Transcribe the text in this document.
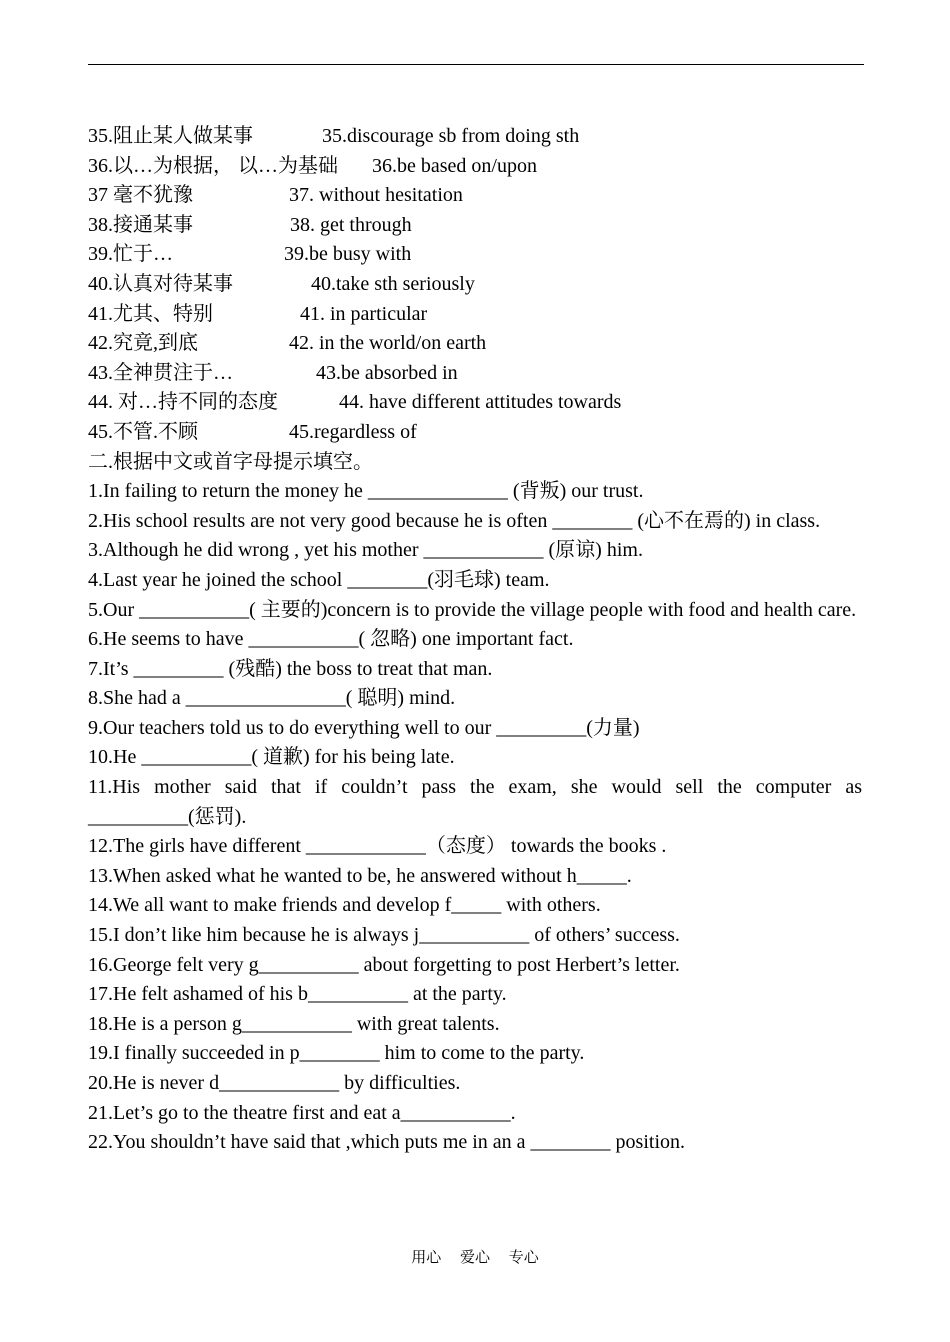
35.阻止某人做某事	35.discourage sb from doing sth
36.以…为根据， 以…为基础 36.be based on/upon
37 毫不犹豫	37. without hesitation
38.接通某事	38. get through
39.忙于…	39.be busy with
40.认真对待某事	40.take sth seriously
41.尤其、特别	41. in particular
42.究竟,到底	42. in the world/on earth
43.全神贯注于…	43.be absorbed in
44. 对…持不同的态度	44. have different attitudes towards
45.不管.不顾	45.regardless of
二.根据中文或首字母提示填空。
1.In failing to return the money he ______________ (背叛) our trust.
2.His school results are not very good because he is often ________ (心不在焉的) in class.
3.Although he did wrong , yet his mother ____________ (原谅) him.
4.Last year he joined the school ________(羽毛球) team.
5.Our ___________( 主要的)concern is to provide the village people with food and health care.
6.He seems to have ___________( 忽略) one important fact.
7.It’s _________ (残酷) the boss to treat that man.
8.She had a ________________( 聪明) mind.
9.Our teachers told us to do everything well to our _________(力量)
10.He ___________( 道歉) for his being late.
11.His mother said that if couldn’t pass the exam, she would sell the computer as __________(惩罚).
12.The girls have different ____________（态度） towards the books .
13.When asked what he wanted to be, he answered without h_____.
14.We all want to make friends and develop f_____ with others.
15.I don’t like him because he is always j___________ of others’ success.
16.George felt very g__________ about forgetting to post Herbert’s letter.
17.He felt ashamed of his b__________ at the party.
18.He is a person g___________ with great talents.
19.I finally succeeded in p________ him to come to the party.
20.He is never d____________ by difficulties.
21.Let’s go to the theatre first and eat a___________.
22.You shouldn’t have said that ,which puts me in an a ________ position.
用心 爱心 专心
